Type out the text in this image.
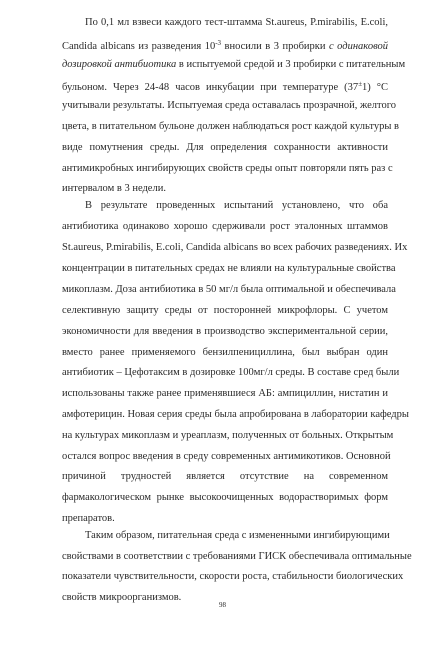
По 0,1 мл взвеси каждого тест-штамма St.aureus, P.mirabilis, E.coli,
Candida albicans из разведения $10^{-3}$ вносили в 3 пробирки с одинаковой
дозировкой антибиотика в испытуемой средой и 3 пробирки с питательным
бульоном. Через 24-48 часов инкубации при температуре (37±1) °С
учитывали результаты. Испытуемая среда оставалась прозрачной, желтого
цвета, в питательном бульоне должен наблюдаться рост каждой культуры в
виде помутнения среды. Для определения сохранности активности
антимикробных ингибирующих свойств среды опыт повторяли пять раз с
интервалом в 3 недели.
В результате проведенных испытаний установлено, что оба
антибиотика одинаково хорошо сдерживали рост эталонных штаммов
St.aureus, P.mirabilis, E.coli, Candida albicans во всех рабочих разведениях. Их
концентрации в питательных средах не влияли на культуральные свойства
микоплазм. Доза антибиотика в 50 мг/л была оптимальной и обеспечивала
селективную защиту среды от посторонней микрофлоры. С учетом
экономичности для введения в производство экспериментальной серии,
вместо ранее применяемого бензилпенициллина, был выбран один
антибиотик – Цефотаксим в дозировке 100мг/л среды. В составе сред были
использованы также ранее применявшиеся АБ: ампициллин, нистатин и
амфотерицин. Новая серия среды была апробирована в лаборатории кафедры
на культурах микоплазм и уреаплазм, полученных от больных. Открытым
остался вопрос введения в среду современных антимикотиков. Основной
причиной трудностей является отсутствие на современном
фармакологическом рынке высокоочищенных водорастворимых форм
препаратов.
Таким образом, питательная среда с измененными ингибирующими
свойствами в соответствии с требованиями ГИСК обеспечивала оптимальные
показатели чувствительности, скорости роста, стабильности биологических
свойств микроорганизмов.
98
